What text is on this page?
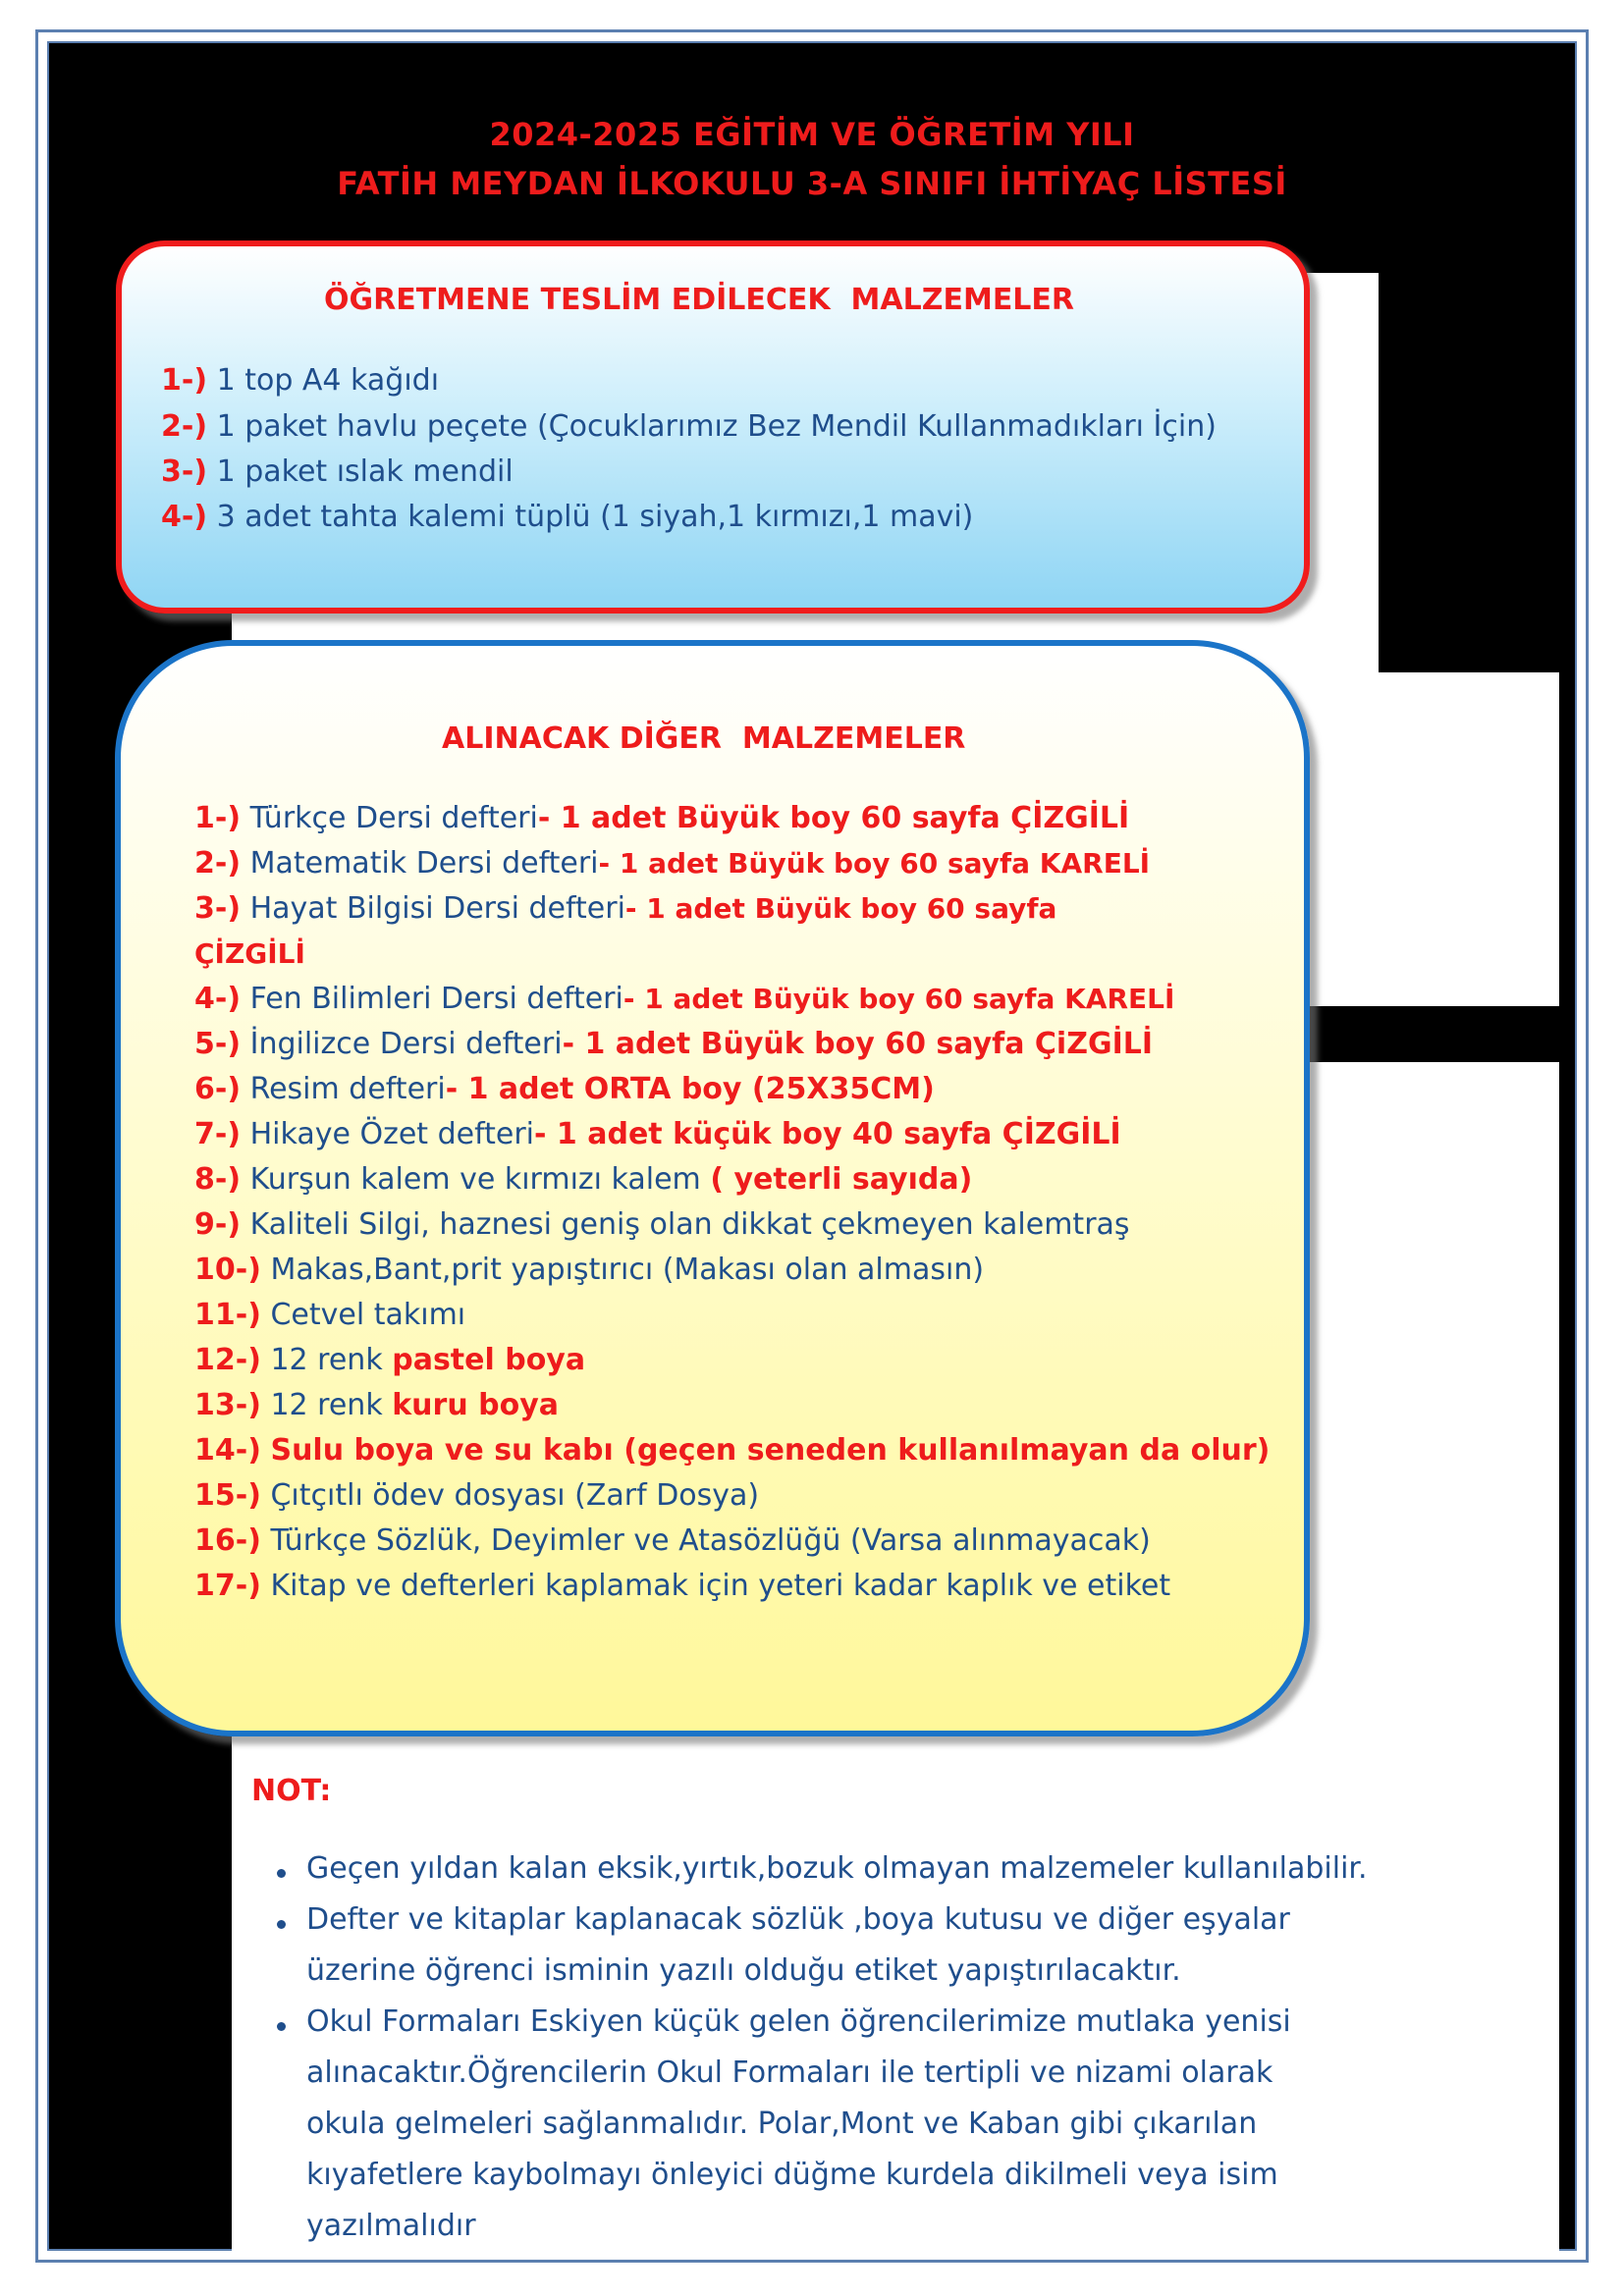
2024-2025 EĞİTİM VE ÖĞRETİM YILI
FATİH MEYDAN İLKOKULU 3-A SINIFI İHTİYAÇ LİSTESİ
ÖĞRETMENE TESLİM EDİLECEK  MALZEMELER
1-) 1 top A4 kağıdı
2-) 1 paket havlu peçete (Çocuklarımız Bez Mendil Kullanmadıkları İçin)
3-) 1 paket ıslak mendil
4-) 3 adet tahta kalemi tüplü (1 siyah,1 kırmızı,1 mavi)
ALINACAK DİĞER  MALZEMELER
1-) Türkçe Dersi defteri- 1 adet Büyük boy 60 sayfa ÇİZGİLİ
2-) Matematik Dersi defteri- 1 adet Büyük boy 60 sayfa KARELİ
3-) Hayat Bilgisi Dersi defteri- 1 adet Büyük boy 60 sayfa
ÇİZGİLİ
4-) Fen Bilimleri Dersi defteri- 1 adet Büyük boy 60 sayfa KARELİ
5-) İngilizce Dersi defteri- 1 adet Büyük boy 60 sayfa ÇiZGİLİ
6-) Resim defteri- 1 adet ORTA boy (25X35CM)
7-) Hikaye Özet defteri- 1 adet küçük boy 40 sayfa ÇİZGİLİ
8-) Kurşun kalem ve kırmızı kalem ( yeterli sayıda)
9-) Kaliteli Silgi, haznesi geniş olan dikkat çekmeyen kalemtraş
10-) Makas,Bant,prit yapıştırıcı (Makası olan almasın)
11-) Cetvel takımı
12-) 12 renk pastel boya
13-) 12 renk kuru boya
14-) Sulu boya ve su kabı (geçen seneden kullanılmayan da olur)
15-) Çıtçıtlı ödev dosyası (Zarf Dosya)
16-) Türkçe Sözlük, Deyimler ve Atasözlüğü (Varsa alınmayacak)
17-) Kitap ve defterleri kaplamak için yeteri kadar kaplık ve etiket
NOT:
Geçen yıldan kalan eksik,yırtık,bozuk olmayan malzemeler kullanılabilir.
Defter ve kitaplar kaplanacak sözlük ,boya kutusu ve diğer eşyalar
üzerine öğrenci isminin yazılı olduğu etiket yapıştırılacaktır.
Okul Formaları Eskiyen küçük gelen öğrencilerimize mutlaka yenisi
alınacaktır.Öğrencilerin Okul Formaları ile tertipli ve nizami olarak
okula gelmeleri sağlanmalıdır. Polar,Mont ve Kaban gibi çıkarılan
kıyafetlere kaybolmayı önleyici düğme kurdela dikilmeli veya isim
yazılmalıdır
